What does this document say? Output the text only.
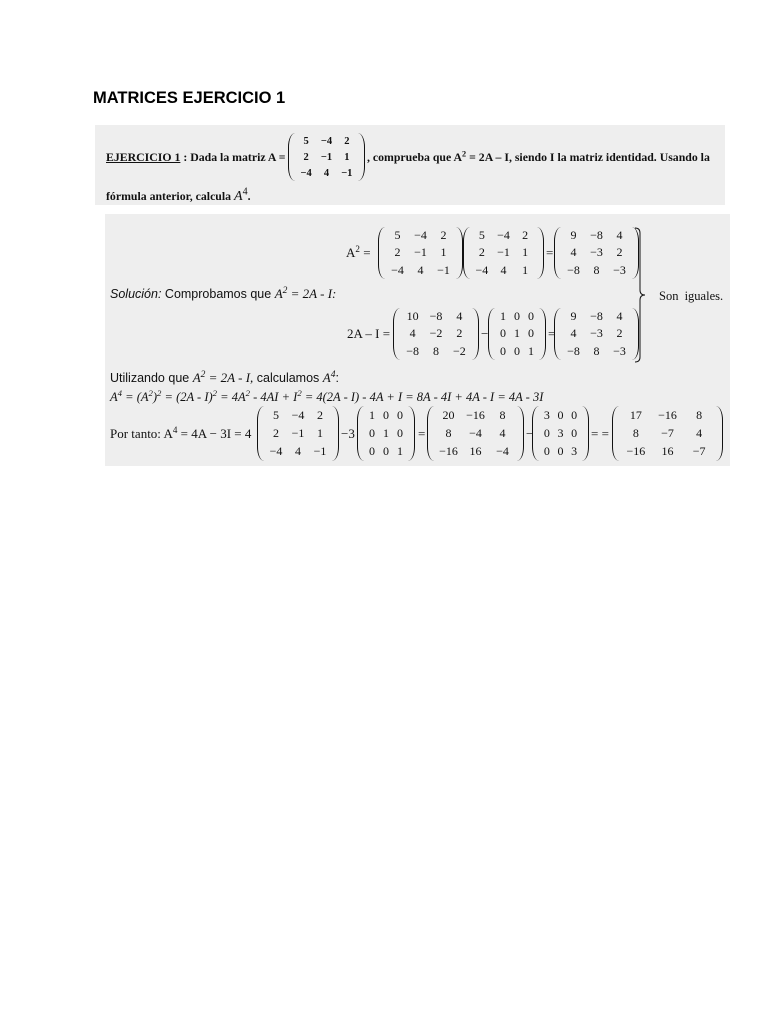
MATRICES EJERCICIO 1
EJERCICIO 1 : Dada la matriz A =
5	−4	2
2	−1	1
−4	4	−1
, comprueba que $A^2 = 2A - I$, siendo I la matriz identidad. Usando la
fórmula anterior, calcula $A^4$.
$A^2$ =
5	−4	2
2	−1	1
−4	4	−1
5	−4	2
2	−1	1
−4	4	1
=
9	−8	4
4	−3	2
−8	8	−3
Solución: Comprobamos que $A^2 = 2A - I$:	Son iguales.
2A – I =
10 −8	4
4	−2	2
−8	8	−2
−
1 0 0
0 1 0
0 0 1
=
9	−8	4
4	−3	2
−8	8	−3
Utilizando que $A^2 = 2A - I$, calculamos $A^4$:
$A^4 = (A^2)^2 = (2A - I)^2 = 4A^2 - 4AI + I^2 = 4(2A - I) - 4A + I = 8A - 4I + 4A - I = 4A - 3I$
Por tanto: $A^4 = 4A - 3I = 4$
5	−4	2
2	−1	1
−4	4	−1
−3
1 0 0
0 1 0
0 0 1
=
20 −16	8
8	−4	4
−16 16	−4
−
3 0 0
0 3 0
0 0 3
= =
17	−16	8
8	−7	4
−16	16	−7
